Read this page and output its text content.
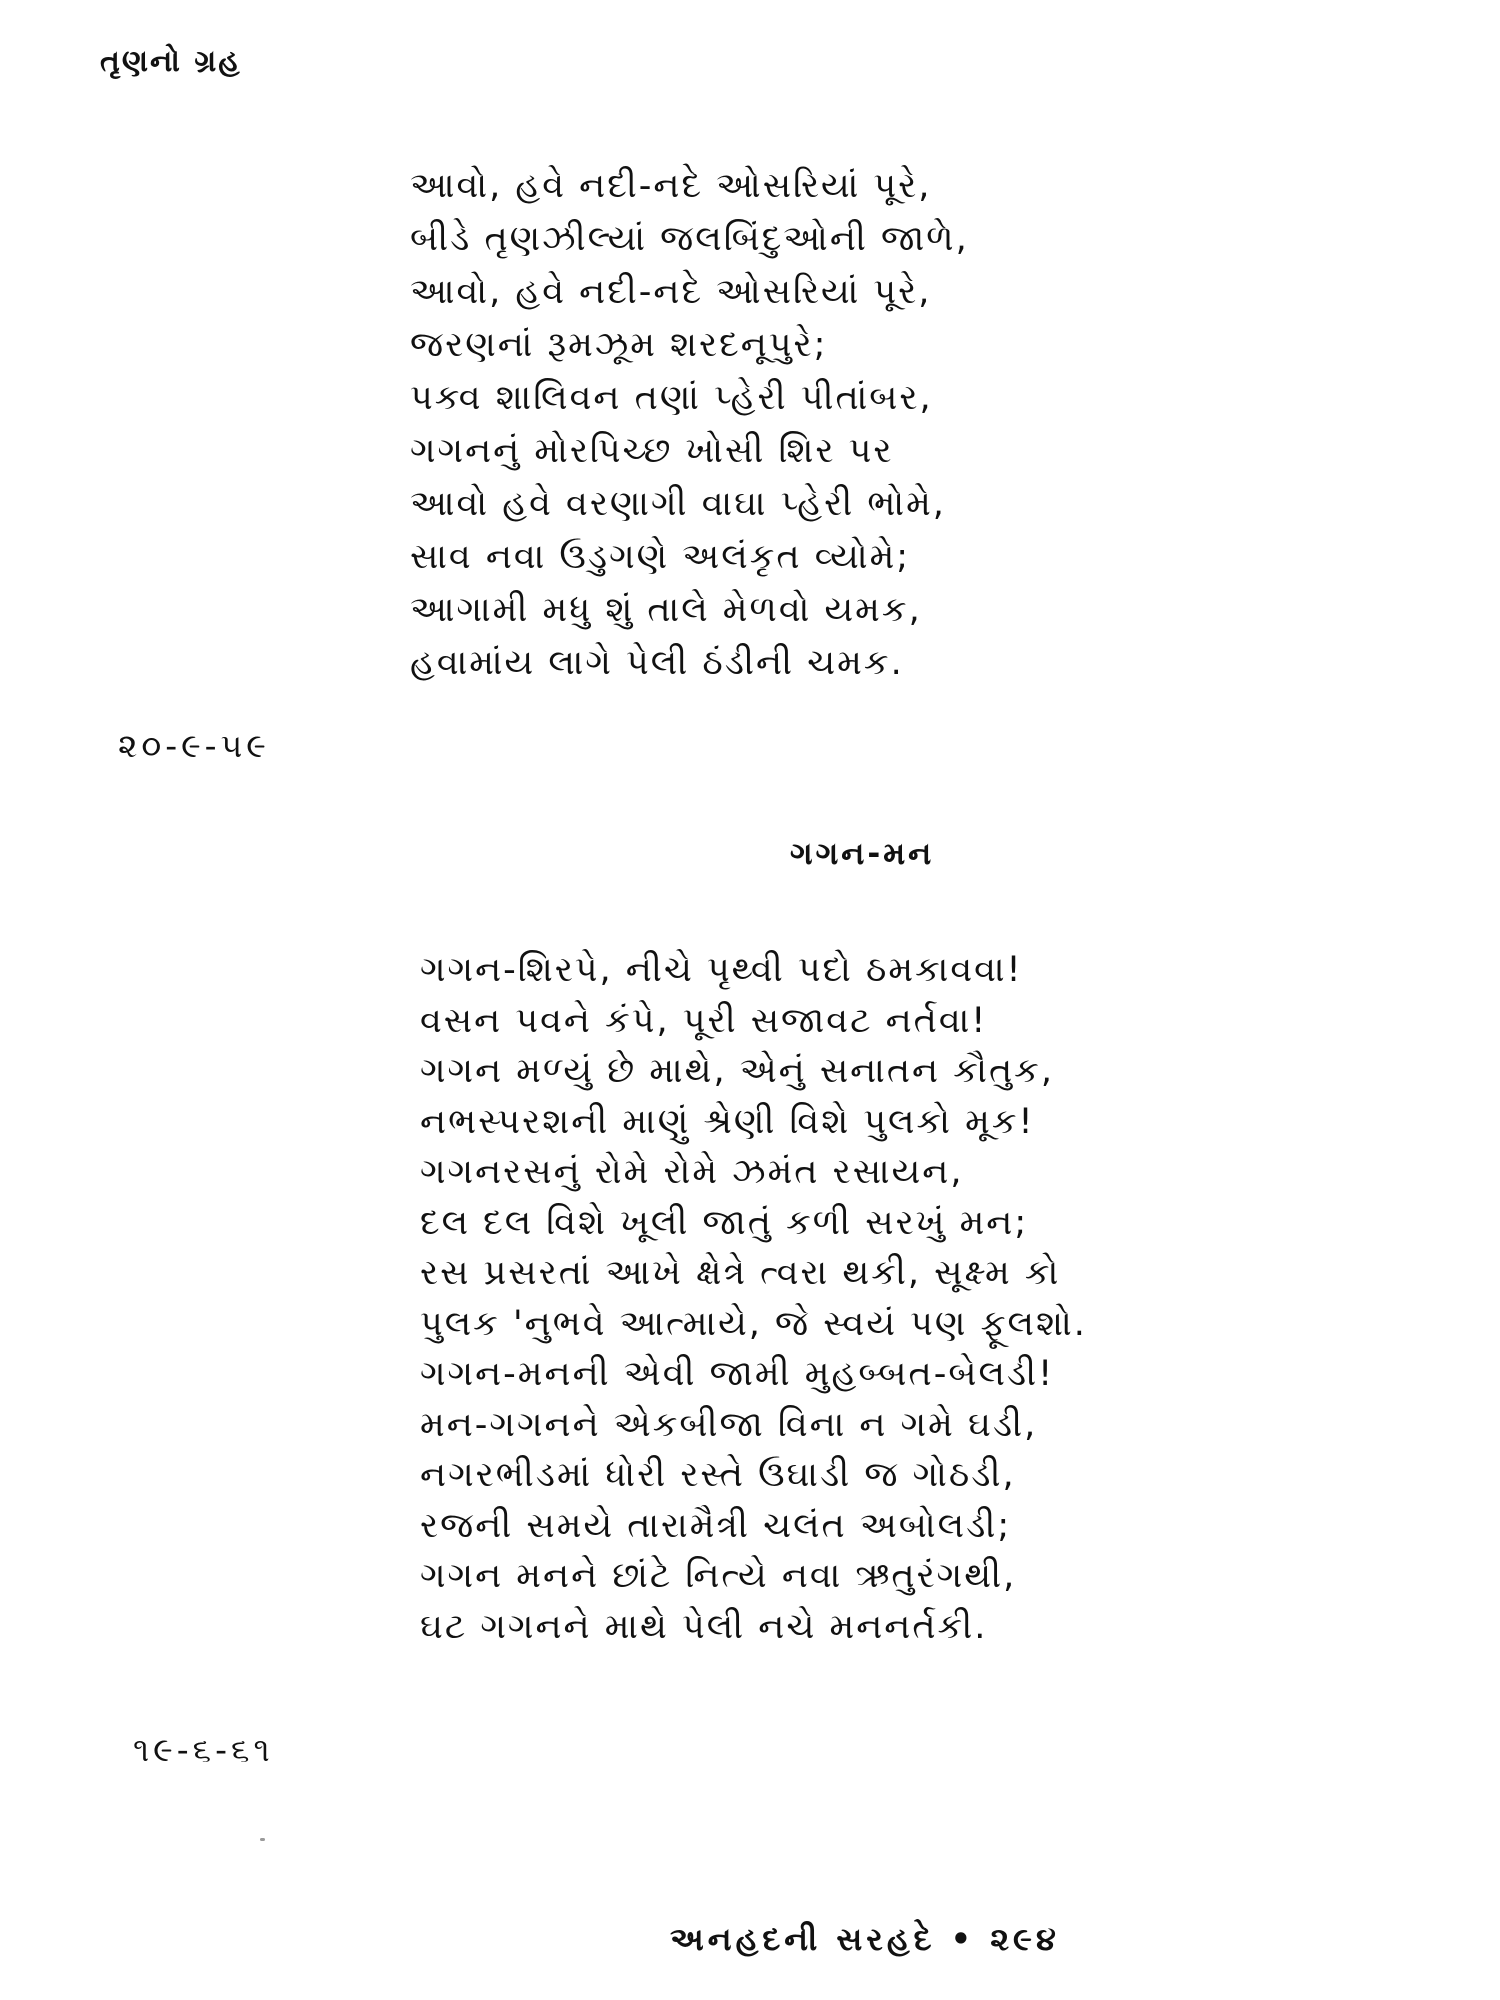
તૃણનો ગ્રહ
આવો, હવે નદી-નદે ઓસરિયાં પૂરે,
બીડે તૃણઝીલ્યાં જલબિંદુઓની જાળે,
આવો, હવે નદી-નદે ઓસરિયાં પૂરે,
જરણનાં રૂમઝૂમ શરદનૂપુરે;
પક્વ શાલિવન તણાં પ્હેરી પીતાંબર,
ગગનનું મોરપિચ્છ ખોસી શિર પર
આવો હવે વરણાગી વાઘા પ્હેરી ભોમે,
સાવ નવા ઉડુગણે અલંકૃત વ્યોમે;
આગામી મધુ શું તાલે મેળવો યમક,
હવામાંય લાગે પેલી ઠંડીની ચમક.
૨૦-૯-૫૯
ગગન-મન
ગગન-શિરપે, નીચે પૃથ્વી પદો ઠમકાવવા!
વસન પવને કંપે, પૂરી સજાવટ નર્તવા!
ગગન મળ્યું છે માથે, એનું સનાતન કૌતુક,
નભસ્પરશની માણું શ્રેણી વિશે પુલકો મૂક!
ગગનરસનું રોમે રોમે ઝમંત રસાયન,
દલ દલ વિશે ખૂલી જાતું કળી સરખું મન;
રસ પ્રસરતાં આખે ક્ષેત્રે ત્વરા થકી, સૂક્ષ્મ કો
પુલક 'નુભવે આત્માયે, જે સ્વયં પણ ફૂલશો.
ગગન-મનની એવી જામી મુહબ્બત-બેલડી!
મન-ગગનને એકબીજા વિના ન ગમે ઘડી,
નગરભીડમાં ધોરી રસ્તે ઉઘાડી જ ગોઠડી,
રજની સમયે તારામૈત્રી ચલંત અબોલડી;
ગગન મનને છાંટે નિત્યે નવા ઋતુરંગથી,
ઘટ ગગનને માથે પેલી નચે મનનર્તકી.
૧૯-૬-૬૧
અનહદની સરહદે • ૨૯૪
